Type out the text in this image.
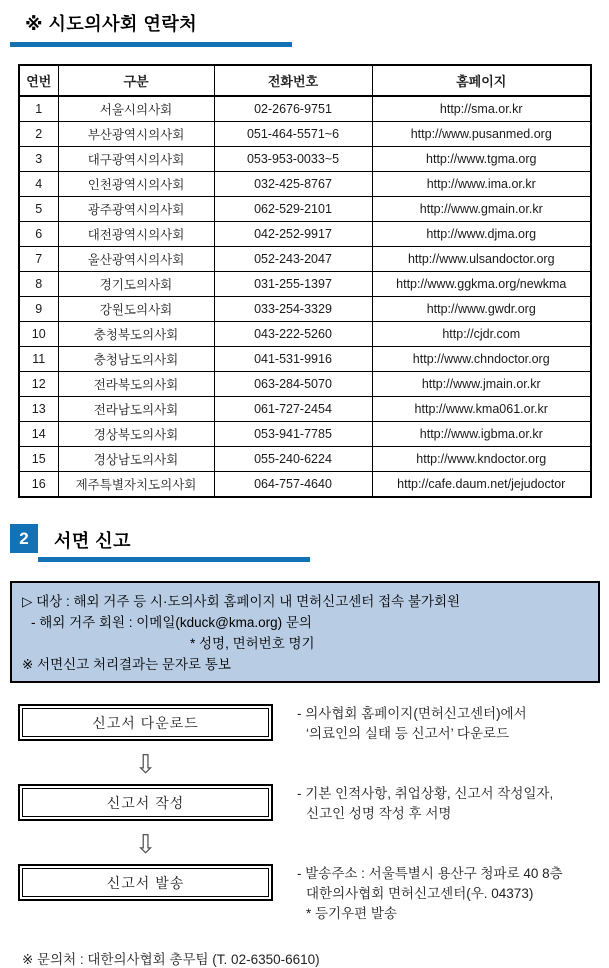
※ 시도의사회 연락처
연번	구분	전화번호	홈페이지
1	서울시의사회	02-2676-9751	http://sma.or.kr
2	부산광역시의사회	051-464-5571~6	http://www.pusanmed.org
3	대구광역시의사회	053-953-0033~5	http://www.tgma.org
4	인천광역시의사회	032-425-8767	http://www.ima.or.kr
5	광주광역시의사회	062-529-2101	http://www.gmain.or.kr
6	대전광역시의사회	042-252-9917	http://www.djma.org
7	울산광역시의사회	052-243-2047	http://www.ulsandoctor.org
8	경기도의사회	031-255-1397	http://www.ggkma.org/newkma
9	강원도의사회	033-254-3329	http://www.gwdr.org
10	충청북도의사회	043-222-5260	http://cjdr.com
11	충청남도의사회	041-531-9916	http://www.chndoctor.org
12	전라북도의사회	063-284-5070	http://www.jmain.or.kr
13	전라남도의사회	061-727-2454	http://www.kma061.or.kr
14	경상북도의사회	053-941-7785	http://www.igbma.or.kr
15	경상남도의사회	055-240-6224	http://www.kndoctor.org
16	제주특별자치도의사회	064-757-4640	http://cafe.daum.net/jejudoctor
2	서면 신고
▷ 대상 : 해외 거주 등 시·도의사회 홈페이지 내 면허신고센터 접속 불가회원
- 해외 거주 회원 : 이메일(kduck@kma.org) 문의
* 성명, 면허번호 명기
※ 서면신고 처리결과는 문자로 통보
신고서 다운로드
- 의사협회 홈페이지(면허신고센터)에서
‘의료인의 실태 등 신고서’ 다운로드
⇩
신고서 작성
- 기본 인적사항, 취업상황, 신고서 작성일자,
신고인 성명 작성 후 서명
⇩
신고서 발송
- 발송주소 : 서울특별시 용산구 청파로 40 8층
대한의사협회 면허신고센터(우. 04373)
* 등기우편 발송
※ 문의처 : 대한의사협회 총무팀 (T. 02-6350-6610)
